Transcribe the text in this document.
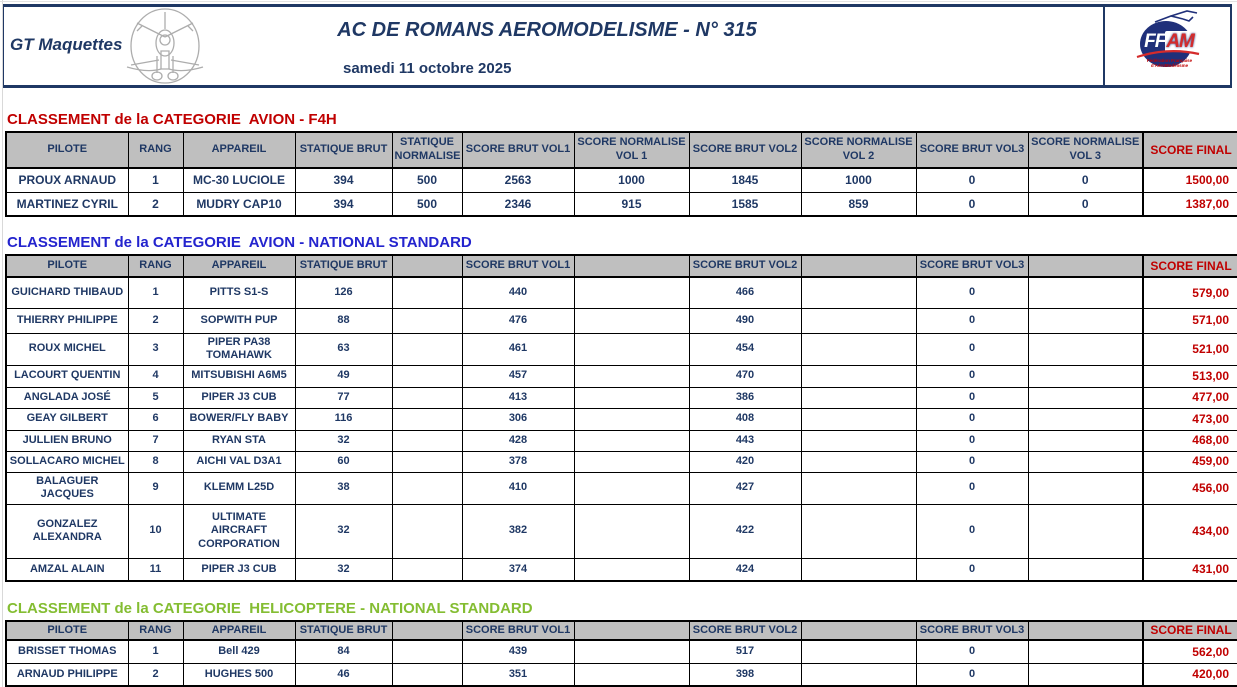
GT Maquettes
AC DE ROMANS AEROMODELISME - N° 315
samedi 11 octobre 2025
FFAM
Fédération Française
d'AéroModélisme
CLASSEMENT de la CATEGORIE  AVION - F4H
PILOTE	RANG	APPAREIL	STATIQUE BRUT	STATIQUE NORMALISE	SCORE BRUT VOL1	SCORE NORMALISE VOL 1	SCORE BRUT VOL2	SCORE NORMALISE VOL 2	SCORE BRUT VOL3	SCORE NORMALISE VOL 3	SCORE FINAL
PROUX ARNAUD	1	MC-30 LUCIOLE	394	500	2563	1000	1845	1000	0	0	1500,00
MARTINEZ CYRIL	2	MUDRY CAP10	394	500	2346	915	1585	859	0	0	1387,00
CLASSEMENT de la CATEGORIE  AVION - NATIONAL STANDARD
PILOTE	RANG	APPAREIL	STATIQUE BRUT		SCORE BRUT VOL1		SCORE BRUT VOL2		SCORE BRUT VOL3		SCORE FINAL
GUICHARD THIBAUD	1	PITTS S1-S	126		440		466		0		579,00
THIERRY PHILIPPE	2	SOPWITH PUP	88		476		490		0		571,00
ROUX MICHEL	3	PIPER PA38 TOMAHAWK	63		461		454		0		521,00
LACOURT QUENTIN	4	MITSUBISHI A6M5	49		457		470		0		513,00
ANGLADA JOSÉ	5	PIPER J3 CUB	77		413		386		0		477,00
GEAY GILBERT	6	BOWER/FLY BABY	116		306		408		0		473,00
JULLIEN BRUNO	7	RYAN STA	32		428		443		0		468,00
SOLLACARO MICHEL	8	AICHI VAL D3A1	60		378		420		0		459,00
BALAGUER JACQUES	9	KLEMM L25D	38		410		427		0		456,00
GONZALEZ ALEXANDRA	10	ULTIMATE AIRCRAFT CORPORATION	32		382		422		0		434,00
AMZAL ALAIN	11	PIPER J3 CUB	32		374		424		0		431,00
CLASSEMENT de la CATEGORIE  HELICOPTERE - NATIONAL STANDARD
PILOTE	RANG	APPAREIL	STATIQUE BRUT		SCORE BRUT VOL1		SCORE BRUT VOL2		SCORE BRUT VOL3		SCORE FINAL
BRISSET THOMAS	1	Bell 429	84		439		517		0		562,00
ARNAUD PHILIPPE	2	HUGHES 500	46		351		398		0		420,00
